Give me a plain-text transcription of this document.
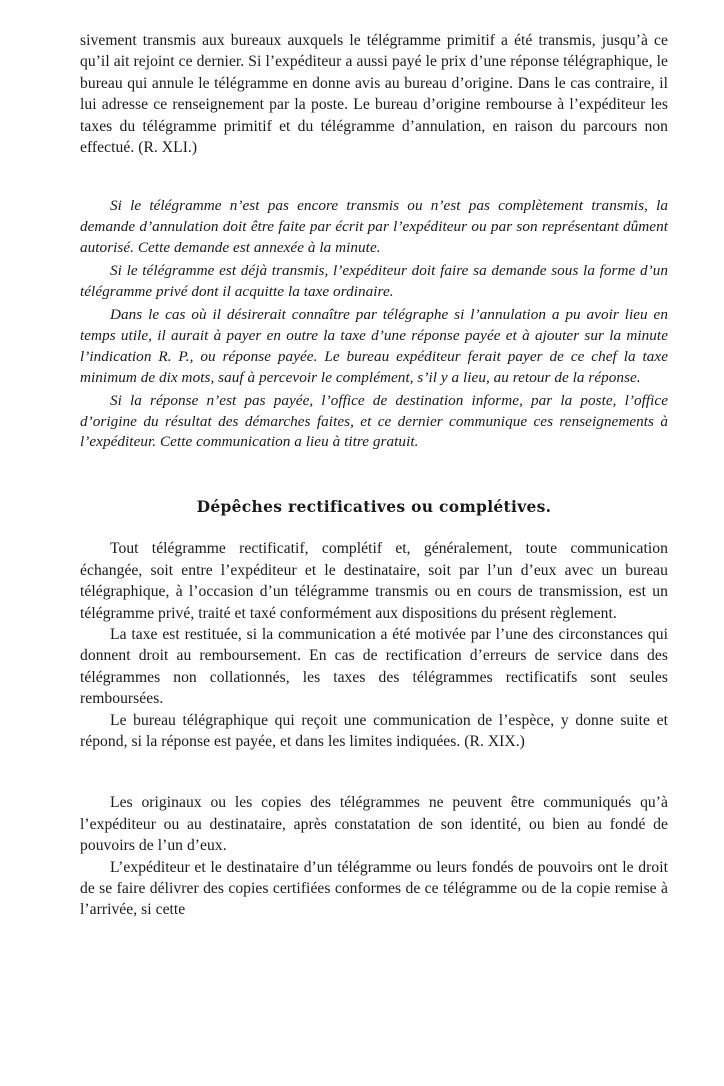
sivement transmis aux bureaux auxquels le télégramme primitif a été transmis, jusqu’à ce qu’il ait rejoint ce dernier. Si l’expéditeur a aussi payé le prix d’une réponse télégraphique, le bureau qui annule le télégramme en donne avis au bureau d’origine. Dans le cas contraire, il lui adresse ce renseignement par la poste. Le bureau d’origine rembourse à l’expéditeur les taxes du télégramme primitif et du télégramme d’annulation, en raison du parcours non effectué. (R. XLI.)

Si le télégramme n’est pas encore transmis ou n’est pas complètement transmis, la demande d’annulation doit être faite par écrit par l’expéditeur ou par son représentant dûment autorisé. Cette demande est annexée à la minute.

Si le télégramme est déjà transmis, l’expéditeur doit faire sa demande sous la forme d’un télégramme privé dont il acquitte la taxe ordinaire.

Dans le cas où il désirerait connaître par télégraphe si l’annulation a pu avoir lieu en temps utile, il aurait à payer en outre la taxe d’une réponse payée et à ajouter sur la minute l’indication R. P., ou réponse payée. Le bureau expéditeur ferait payer de ce chef la taxe minimum de dix mots, sauf à percevoir le complément, s’il y a lieu, au retour de la réponse.

Si la réponse n’est pas payée, l’office de destination informe, par la poste, l’office d’origine du résultat des démarches faites, et ce dernier communique ces renseignements à l’expéditeur. Cette communication a lieu à titre gratuit.

Dépêches rectificatives ou complétives.

Tout télégramme rectificatif, complétif et, généralement, toute communication échangée, soit entre l’expéditeur et le destinataire, soit par l’un d’eux avec un bureau télégraphique, à l’occasion d’un télégramme transmis ou en cours de transmission, est un télégramme privé, traité et taxé conformément aux dispositions du présent règlement.

La taxe est restituée, si la communication a été motivée par l’une des circonstances qui donnent droit au remboursement. En cas de rectification d’erreurs de service dans des télégrammes non collationnés, les taxes des télégrammes rectificatifs sont seules remboursées.

Le bureau télégraphique qui reçoit une communication de l’espèce, y donne suite et répond, si la réponse est payée, et dans les limites indiquées. (R. XIX.)

Les originaux ou les copies des télégrammes ne peuvent être communiqués qu’à l’expéditeur ou au destinataire, après constatation de son identité, ou bien au fondé de pouvoirs de l’un d’eux.

L’expéditeur et le destinataire d’un télégramme ou leurs fondés de pouvoirs ont le droit de se faire délivrer des copies certifiées conformes de ce télégramme ou de la copie remise à l’arrivée, si cette
